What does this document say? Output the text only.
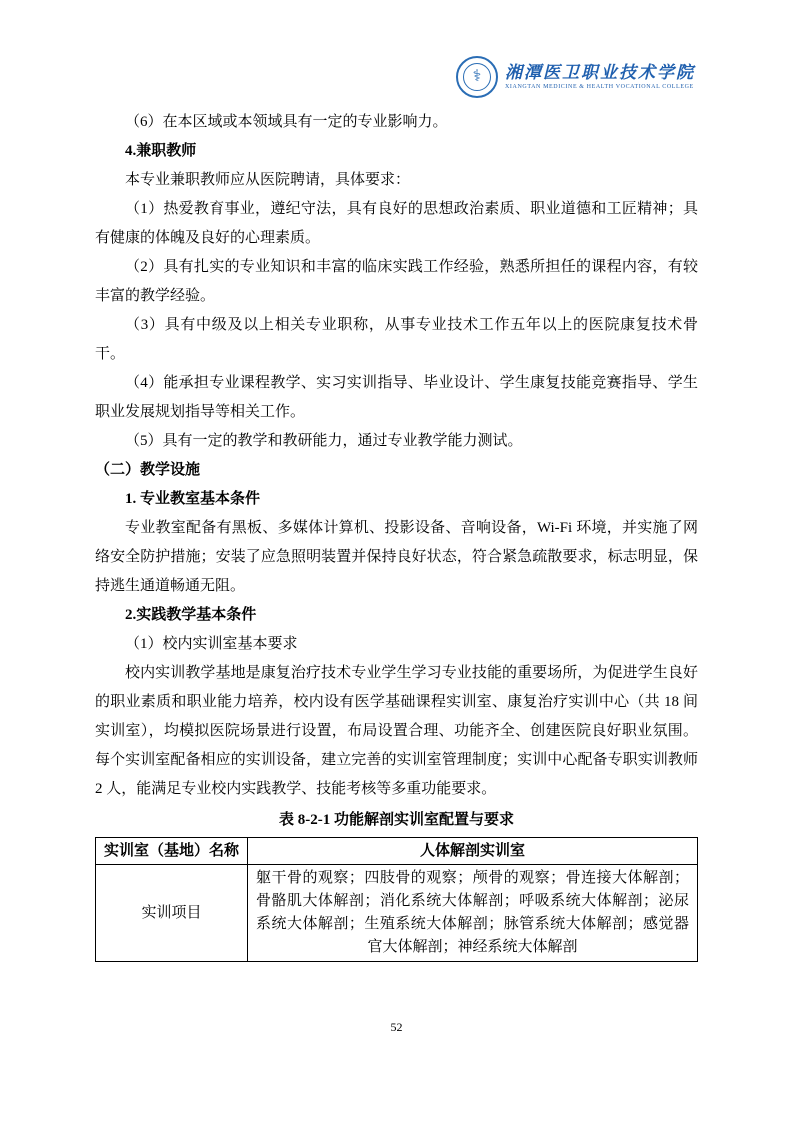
⚕	湘潭医卫职业技术学院
XIANGTAN MEDICINE & HEALTH VOCATIONAL COLLEGE

（6）在本区域或本领域具有一定的专业影响力。

4.兼职教师

本专业兼职教师应从医院聘请，具体要求：

（1）热爱教育事业，遵纪守法，具有良好的思想政治素质、职业道德和工匠精神；具有健康的体魄及良好的心理素质。

（2）具有扎实的专业知识和丰富的临床实践工作经验，熟悉所担任的课程内容，有较丰富的教学经验。

（3）具有中级及以上相关专业职称，从事专业技术工作五年以上的医院康复技术骨干。

（4）能承担专业课程教学、实习实训指导、毕业设计、学生康复技能竞赛指导、学生职业发展规划指导等相关工作。

（5）具有一定的教学和教研能力，通过专业教学能力测试。

（二）教学设施

1. 专业教室基本条件

专业教室配备有黑板、多媒体计算机、投影设备、音响设备，Wi-Fi 环境，并实施了网络安全防护措施；安装了应急照明装置并保持良好状态，符合紧急疏散要求，标志明显，保持逃生通道畅通无阻。

2.实践教学基本条件

（1）校内实训室基本要求

校内实训教学基地是康复治疗技术专业学生学习专业技能的重要场所，为促进学生良好的职业素质和职业能力培养，校内设有医学基础课程实训室、康复治疗实训中心（共 18 间实训室），均模拟医院场景进行设置，布局设置合理、功能齐全、创建医院良好职业氛围。每个实训室配备相应的实训设备，建立完善的实训室管理制度；实训中心配备专职实训教师 2 人，能满足专业校内实践教学、技能考核等多重功能要求。

表 8-2-1 功能解剖实训室配置与要求
实训室（基地）名称	人体解剖实训室
实训项目	躯干骨的观察；四肢骨的观察；颅骨的观察；骨连接大体解剖；骨骼肌大体解剖；消化系统大体解剖；呼吸系统大体解剖；泌尿系统大体解剖；生殖系统大体解剖；脉管系统大体解剖；感觉器官大体解剖；神经系统大体解剖
52
